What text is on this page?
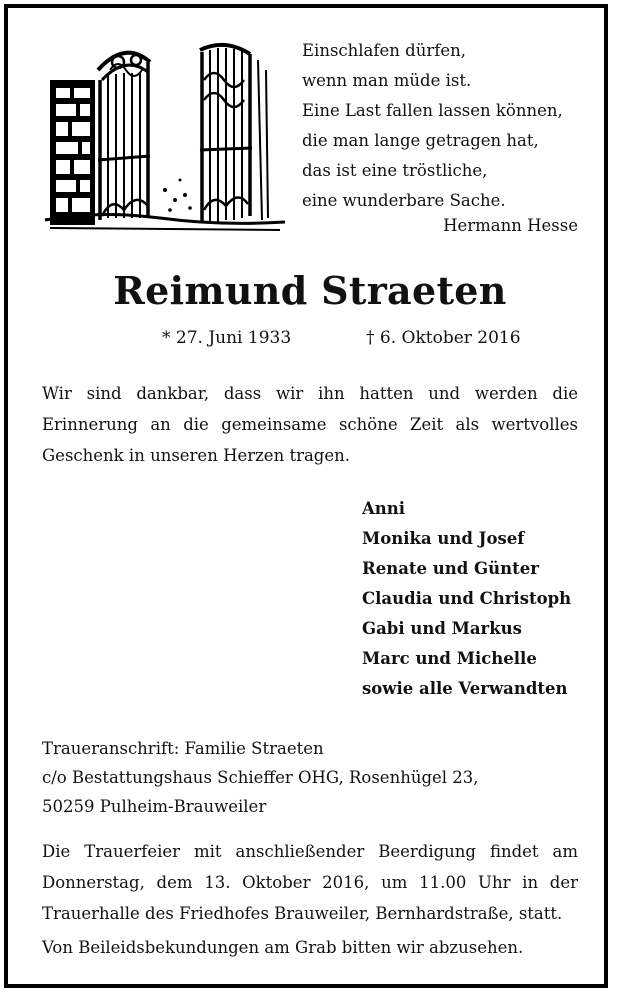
Einschlafen dürfen,
wenn man müde ist.
Eine Last fallen lassen können,
die man lange getragen hat,
das ist eine tröstliche,
eine wunderbare Sache.
Hermann Hesse
Reimund Straeten
* 27. Juni 1933	† 6. Oktober 2016

Wir sind dankbar, dass wir ihn hatten und werden die Erinnerung an die gemeinsame schöne Zeit als wertvolles Geschenk in unseren Herzen tragen.

Anni
Monika und Josef
Renate und Günter
Claudia und Christoph
Gabi und Markus
Marc und Michelle
sowie alle Verwandten
Traueranschrift: Familie Straeten
c/o Bestattungshaus Schieffer OHG, Rosenhügel 23,
50259 Pulheim-Brauweiler

Die Trauerfeier mit anschließender Beerdigung findet am Donnerstag, dem 13. Oktober 2016, um 11.00 Uhr in der Trauerhalle des Friedhofes Brauweiler, Bernhardstraße, statt.

Von Beileidsbekundungen am Grab bitten wir abzusehen.
